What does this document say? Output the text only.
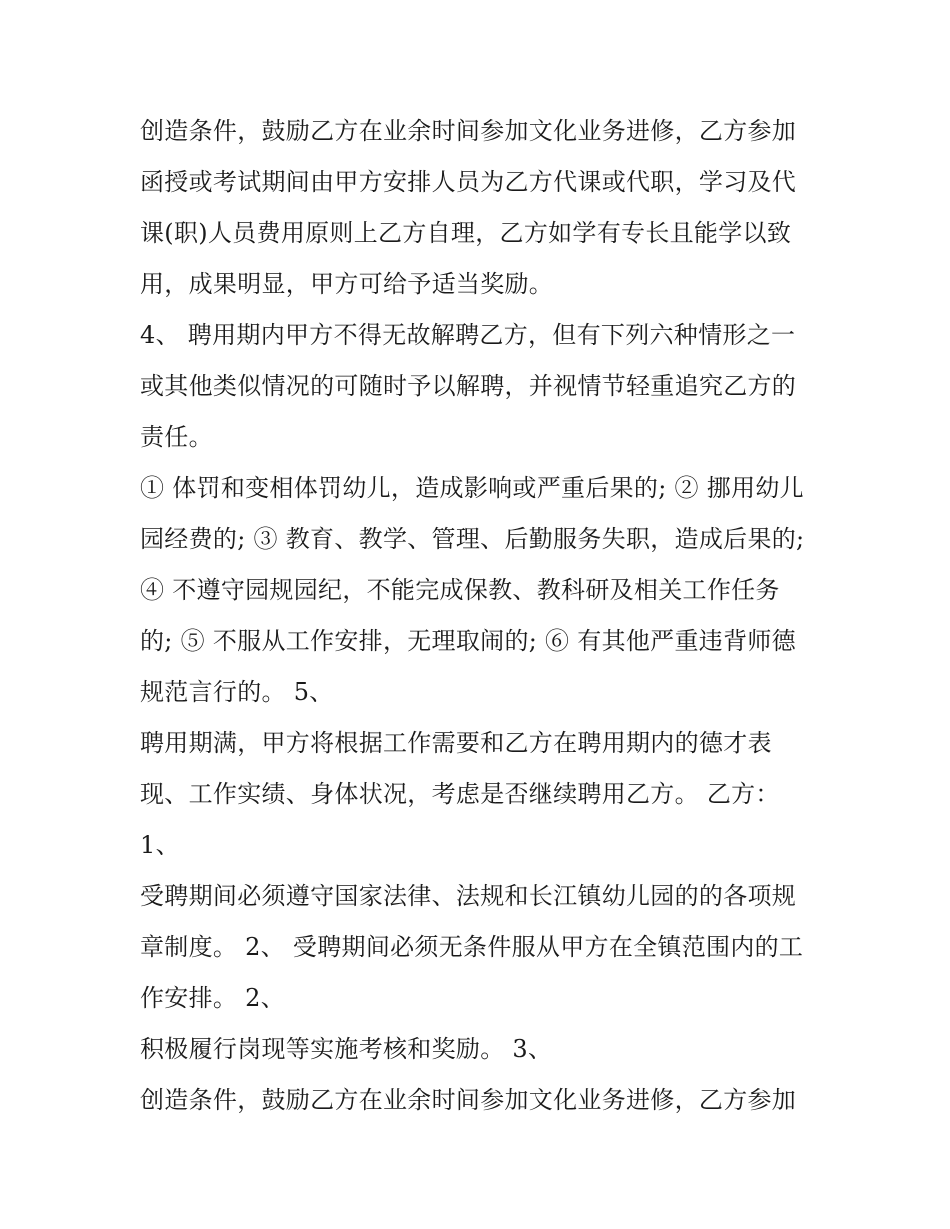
创造条件，鼓励乙方在业余时间参加文化业务进修，乙方参加
函授或考试期间由甲方安排人员为乙方代课或代职，学习及代
课(职)人员费用原则上乙方自理，乙方如学有专长且能学以致
用，成果明显，甲方可给予适当奖励。
4、 聘用期内甲方不得无故解聘乙方，但有下列六种情形之一
或其他类似情况的可随时予以解聘，并视情节轻重追究乙方的
责任。
① 体罚和变相体罚幼儿，造成影响或严重后果的; ② 挪用幼儿
园经费的; ③ 教育、教学、管理、后勤服务失职，造成后果的;
④ 不遵守园规园纪，不能完成保教、教科研及相关工作任务
的; ⑤ 不服从工作安排，无理取闹的; ⑥ 有其他严重违背师德
规范言行的。 5、
聘用期满，甲方将根据工作需要和乙方在聘用期内的德才表
现、工作实绩、身体状况，考虑是否继续聘用乙方。 乙方：
1、
受聘期间必须遵守国家法律、法规和长江镇幼儿园的的各项规
章制度。 2、 受聘期间必须无条件服从甲方在全镇范围内的工
作安排。 2、
积极履行岗现等实施考核和奖励。 3、
创造条件，鼓励乙方在业余时间参加文化业务进修，乙方参加
